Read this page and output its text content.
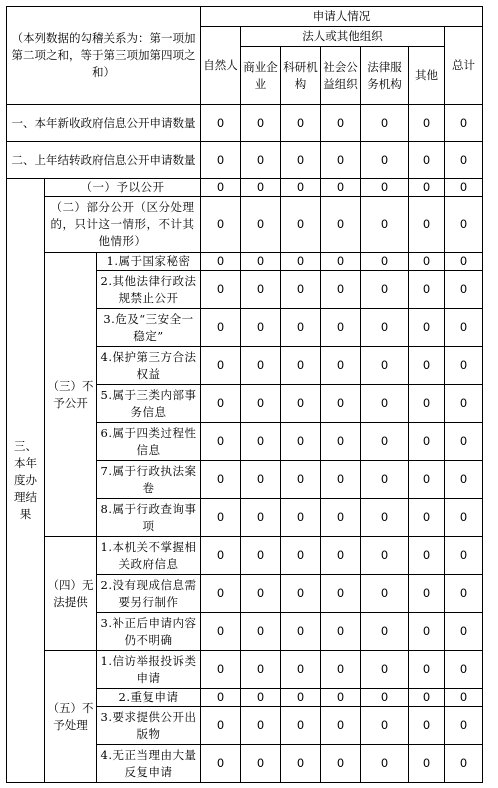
（本列数据的勾稽关系为：第一项加第二项之和，等于第三项加第四项之和）			申请人情况						
			自然人	法人或其他组织					总计
				商业企业	科研机构	社会公益组织	法律服务机构	其他	
一、本年新收政府信息公开申请数量			0	0	0	0	0	0	0
二、上年结转政府信息公开申请数量			0	0	0	0	0	0	0
三、本年度办理结果	（一）予以公开		0	0	0	0	0	0	0
	（二）部分公开（区分处理的，只计这一情形，不计其他情形）		0	0	0	0	0	0	0
	（三）不予公开	1.属于国家秘密	0	0	0	0	0	0	0
		2.其他法律行政法规禁止公开	0	0	0	0	0	0	0
		3.危及“三安全一稳定”	0	0	0	0	0	0	0
		4.保护第三方合法权益	0	0	0	0	0	0	0
		5.属于三类内部事务信息	0	0	0	0	0	0	0
		6.属于四类过程性信息	0	0	0	0	0	0	0
		7.属于行政执法案卷	0	0	0	0	0	0	0
		8.属于行政查询事项	0	0	0	0	0	0	0
	（四）无法提供	1.本机关不掌握相关政府信息	0	0	0	0	0	0	0
		2.没有现成信息需要另行制作	0	0	0	0	0	0	0
		3.补正后申请内容仍不明确	0	0	0	0	0	0	0
	（五）不予处理	1.信访举报投诉类申请	0	0	0	0	0	0	0
		2.重复申请	0	0	0	0	0	0	0
		3.要求提供公开出版物	0	0	0	0	0	0	0
		4.无正当理由大量反复申请	0	0	0	0	0	0	0
